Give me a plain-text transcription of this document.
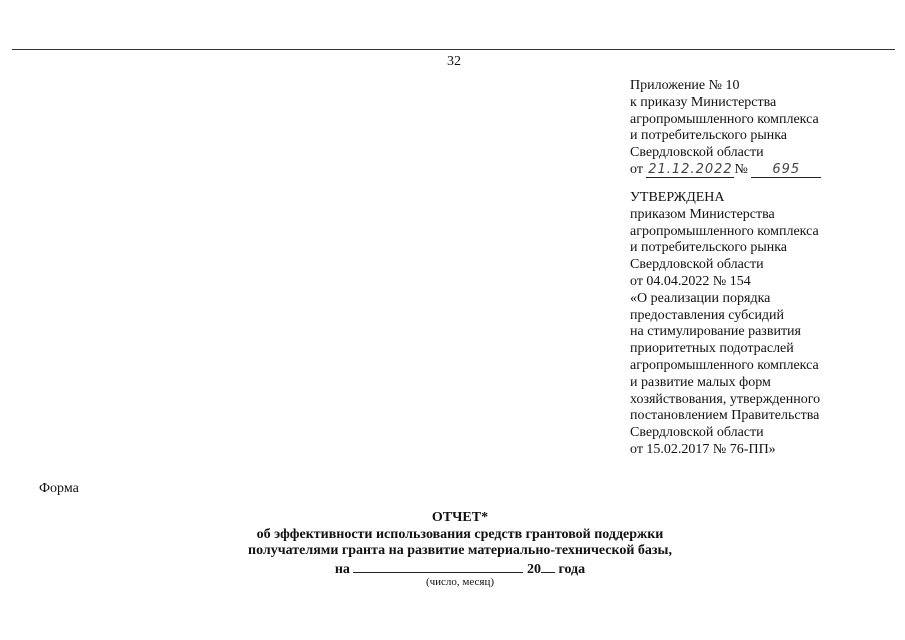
32
Приложение № 10
к приказу Министерства
агропромышленного комплекса
и потребительского рынка
Свердловской области
от 21.12.2022 № 695
УТВЕРЖДЕНА
приказом Министерства
агропромышленного комплекса
и потребительского рынка
Свердловской области
от 04.04.2022 № 154
«О реализации порядка
предоставления субсидий
на стимулирование развития
приоритетных подотраслей
агропромышленного комплекса
и развитие малых форм
хозяйствования, утвержденного
постановлением Правительства
Свердловской области
от 15.02.2017 № 76-ПП»
Форма
ОТЧЕТ*
об эффективности использования средств грантовой поддержки
получателями гранта на развитие материально-технической базы,
на	20 года
(число, месяц)
